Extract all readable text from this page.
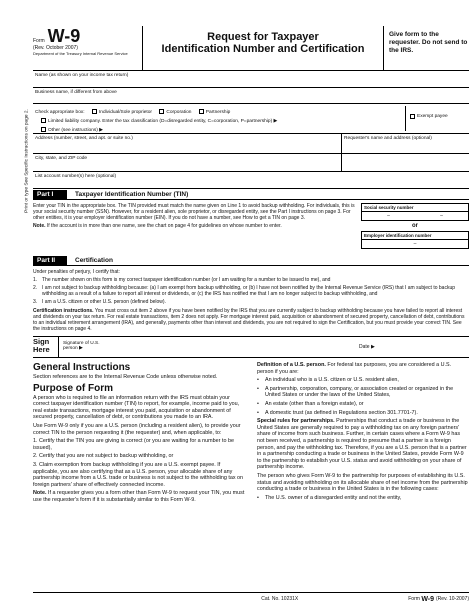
Form W-9
(Rev. October 2007)
Department of the Treasury Internal Revenue Service
Request for Taxpayer
Identification Number and Certification
Give form to the requester. Do not send to the IRS.
Print or type See Specific Instructions on page 2.
Name (as shown on your income tax return)
Business name, if different from above
Check appropriate box:	Individual/Sole proprietor	Corporation	Partnership
Limited liability company. Enter the tax classification (D=disregarded entity, C=corporation, P=partnership) ▶
Other (see instructions) ▶
Exempt payee
Address (number, street, and apt. or suite no.)	Requester's name and address (optional)
City, state, and ZIP code
List account number(s) here (optional)
Part I	Taxpayer Identification Number (TIN)
Enter your TIN in the appropriate box. The TIN provided must match the name given on Line 1 to avoid backup withholding. For individuals, this is your social security number (SSN). However, for a resident alien, sole proprietor, or disregarded entity, see the Part I instructions on page 3. For other entities, it is your employer identification number (EIN). If you do not have a number, see How to get a TIN on page 3.
Note. If the account is in more than one name, see the chart on page 4 for guidelines on whose number to enter.
Social security number
–	–
or
Employer identification number
–
Part II	Certification
Under penalties of perjury, I certify that:
1. The number shown on this form is my correct taxpayer identification number (or I am waiting for a number to be issued to me), and
2. I am not subject to backup withholding because: (a) I am exempt from backup withholding, or (b) I have not been notified by the Internal Revenue Service (IRS) that I am subject to backup withholding as a result of a failure to report all interest or dividends, or (c) the IRS has notified me that I am no longer subject to backup withholding, and
3. I am a U.S. citizen or other U.S. person (defined below).
Certification instructions. You must cross out item 2 above if you have been notified by the IRS that you are currently subject to backup withholding because you have failed to report all interest and dividends on your tax return. For real estate transactions, item 2 does not apply. For mortgage interest paid, acquisition or abandonment of secured property, cancellation of debt, contributions to an individual retirement arrangement (IRA), and generally, payments other than interest and dividends, you are not required to sign the Certification, but you must provide your correct TIN. See the instructions on page 4.
Sign Here
Signature of U.S. person ▶	Date ▶
General Instructions
Section references are to the Internal Revenue Code unless otherwise noted.
Purpose of Form
A person who is required to file an information return with the IRS must obtain your correct taxpayer identification number (TIN) to report, for example, income paid to you, real estate transactions, mortgage interest you paid, acquisition or abandonment of secured property, cancellation of debt, or contributions you made to an IRA.
Use Form W-9 only if you are a U.S. person (including a resident alien), to provide your correct TIN to the person requesting it (the requester) and, when applicable, to:
1. Certify that the TIN you are giving is correct (or you are waiting for a number to be issued),
2. Certify that you are not subject to backup withholding, or
3. Claim exemption from backup withholding if you are a U.S. exempt payee. If applicable, you are also certifying that as a U.S. person, your allocable share of any partnership income from a U.S. trade or business is not subject to the withholding tax on foreign partners' share of effectively connected income.
Note. If a requester gives you a form other than Form W-9 to request your TIN, you must use the requester's form if it is substantially similar to this Form W-9.
Definition of a U.S. person. For federal tax purposes, you are considered a U.S. person if you are:
•	An individual who is a U.S. citizen or U.S. resident alien,
•	A partnership, corporation, company, or association created or organized in the United States or under the laws of the United States,
•	An estate (other than a foreign estate), or
•	A domestic trust (as defined in Regulations section 301.7701-7).
Special rules for partnerships. Partnerships that conduct a trade or business in the United States are generally required to pay a withholding tax on any foreign partners' share of income from such business. Further, in certain cases where a Form W-9 has not been received, a partnership is required to presume that a partner is a foreign person, and pay the withholding tax. Therefore, if you are a U.S. person that is a partner in a partnership conducting a trade or business in the United States, provide Form W-9 to the partnership to establish your U.S. status and avoid withholding on your share of partnership income.
The person who gives Form W-9 to the partnership for purposes of establishing its U.S. status and avoiding withholding on its allocable share of net income from the partnership conducting a trade or business in the United States is in the following cases:
•	The U.S. owner of a disregarded entity and not the entity,
Cat. No. 10231X	Form
W-9 (Rev. 10-2007)
